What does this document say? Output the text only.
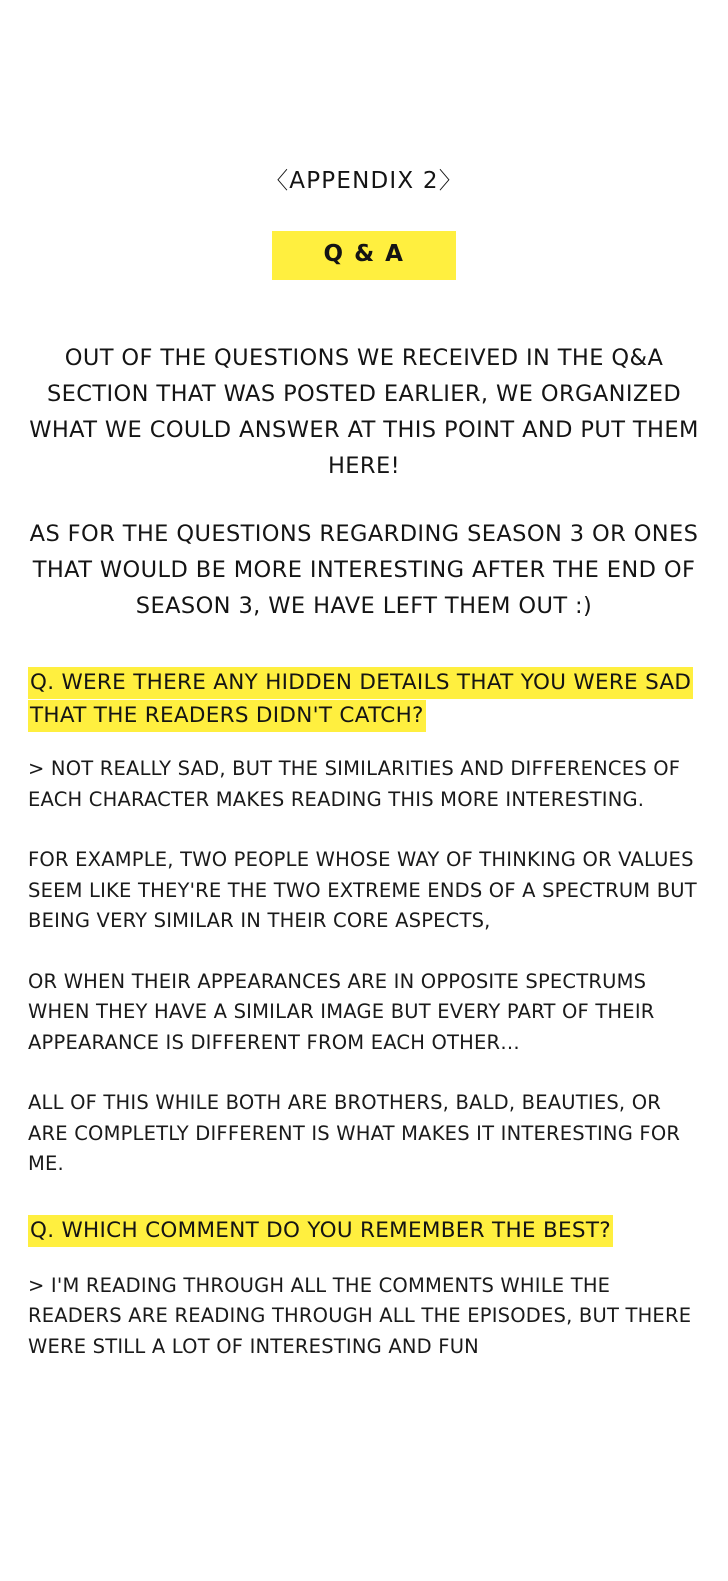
〈APPENDIX 2〉
Q & A

OUT OF THE QUESTIONS WE RECEIVED IN THE Q&A SECTION THAT WAS POSTED EARLIER, WE ORGANIZED WHAT WE COULD ANSWER AT THIS POINT AND PUT THEM HERE!

AS FOR THE QUESTIONS REGARDING SEASON 3 OR ONES THAT WOULD BE MORE INTERESTING AFTER THE END OF SEASON 3, WE HAVE LEFT THEM OUT :)

Q. WERE THERE ANY HIDDEN DETAILS THAT YOU WERE SAD THAT THE READERS DIDN'T CATCH?

> NOT REALLY SAD, BUT THE SIMILARITIES AND DIFFERENCES OF EACH CHARACTER MAKES READING THIS MORE INTERESTING.

FOR EXAMPLE, TWO PEOPLE WHOSE WAY OF THINKING OR VALUES SEEM LIKE THEY'RE THE TWO EXTREME ENDS OF A SPECTRUM BUT BEING VERY SIMILAR IN THEIR CORE ASPECTS,

OR WHEN THEIR APPEARANCES ARE IN OPPOSITE SPECTRUMS WHEN THEY HAVE A SIMILAR IMAGE BUT EVERY PART OF THEIR APPEARANCE IS DIFFERENT FROM EACH OTHER…

ALL OF THIS WHILE BOTH ARE BROTHERS, BALD, BEAUTIES, OR ARE COMPLETLY DIFFERENT IS WHAT MAKES IT INTERESTING FOR ME.

Q. WHICH COMMENT DO YOU REMEMBER THE BEST?

> I'M READING THROUGH ALL THE COMMENTS WHILE THE READERS ARE READING THROUGH ALL THE EPISODES, BUT THERE WERE STILL A LOT OF INTERESTING AND FUN
